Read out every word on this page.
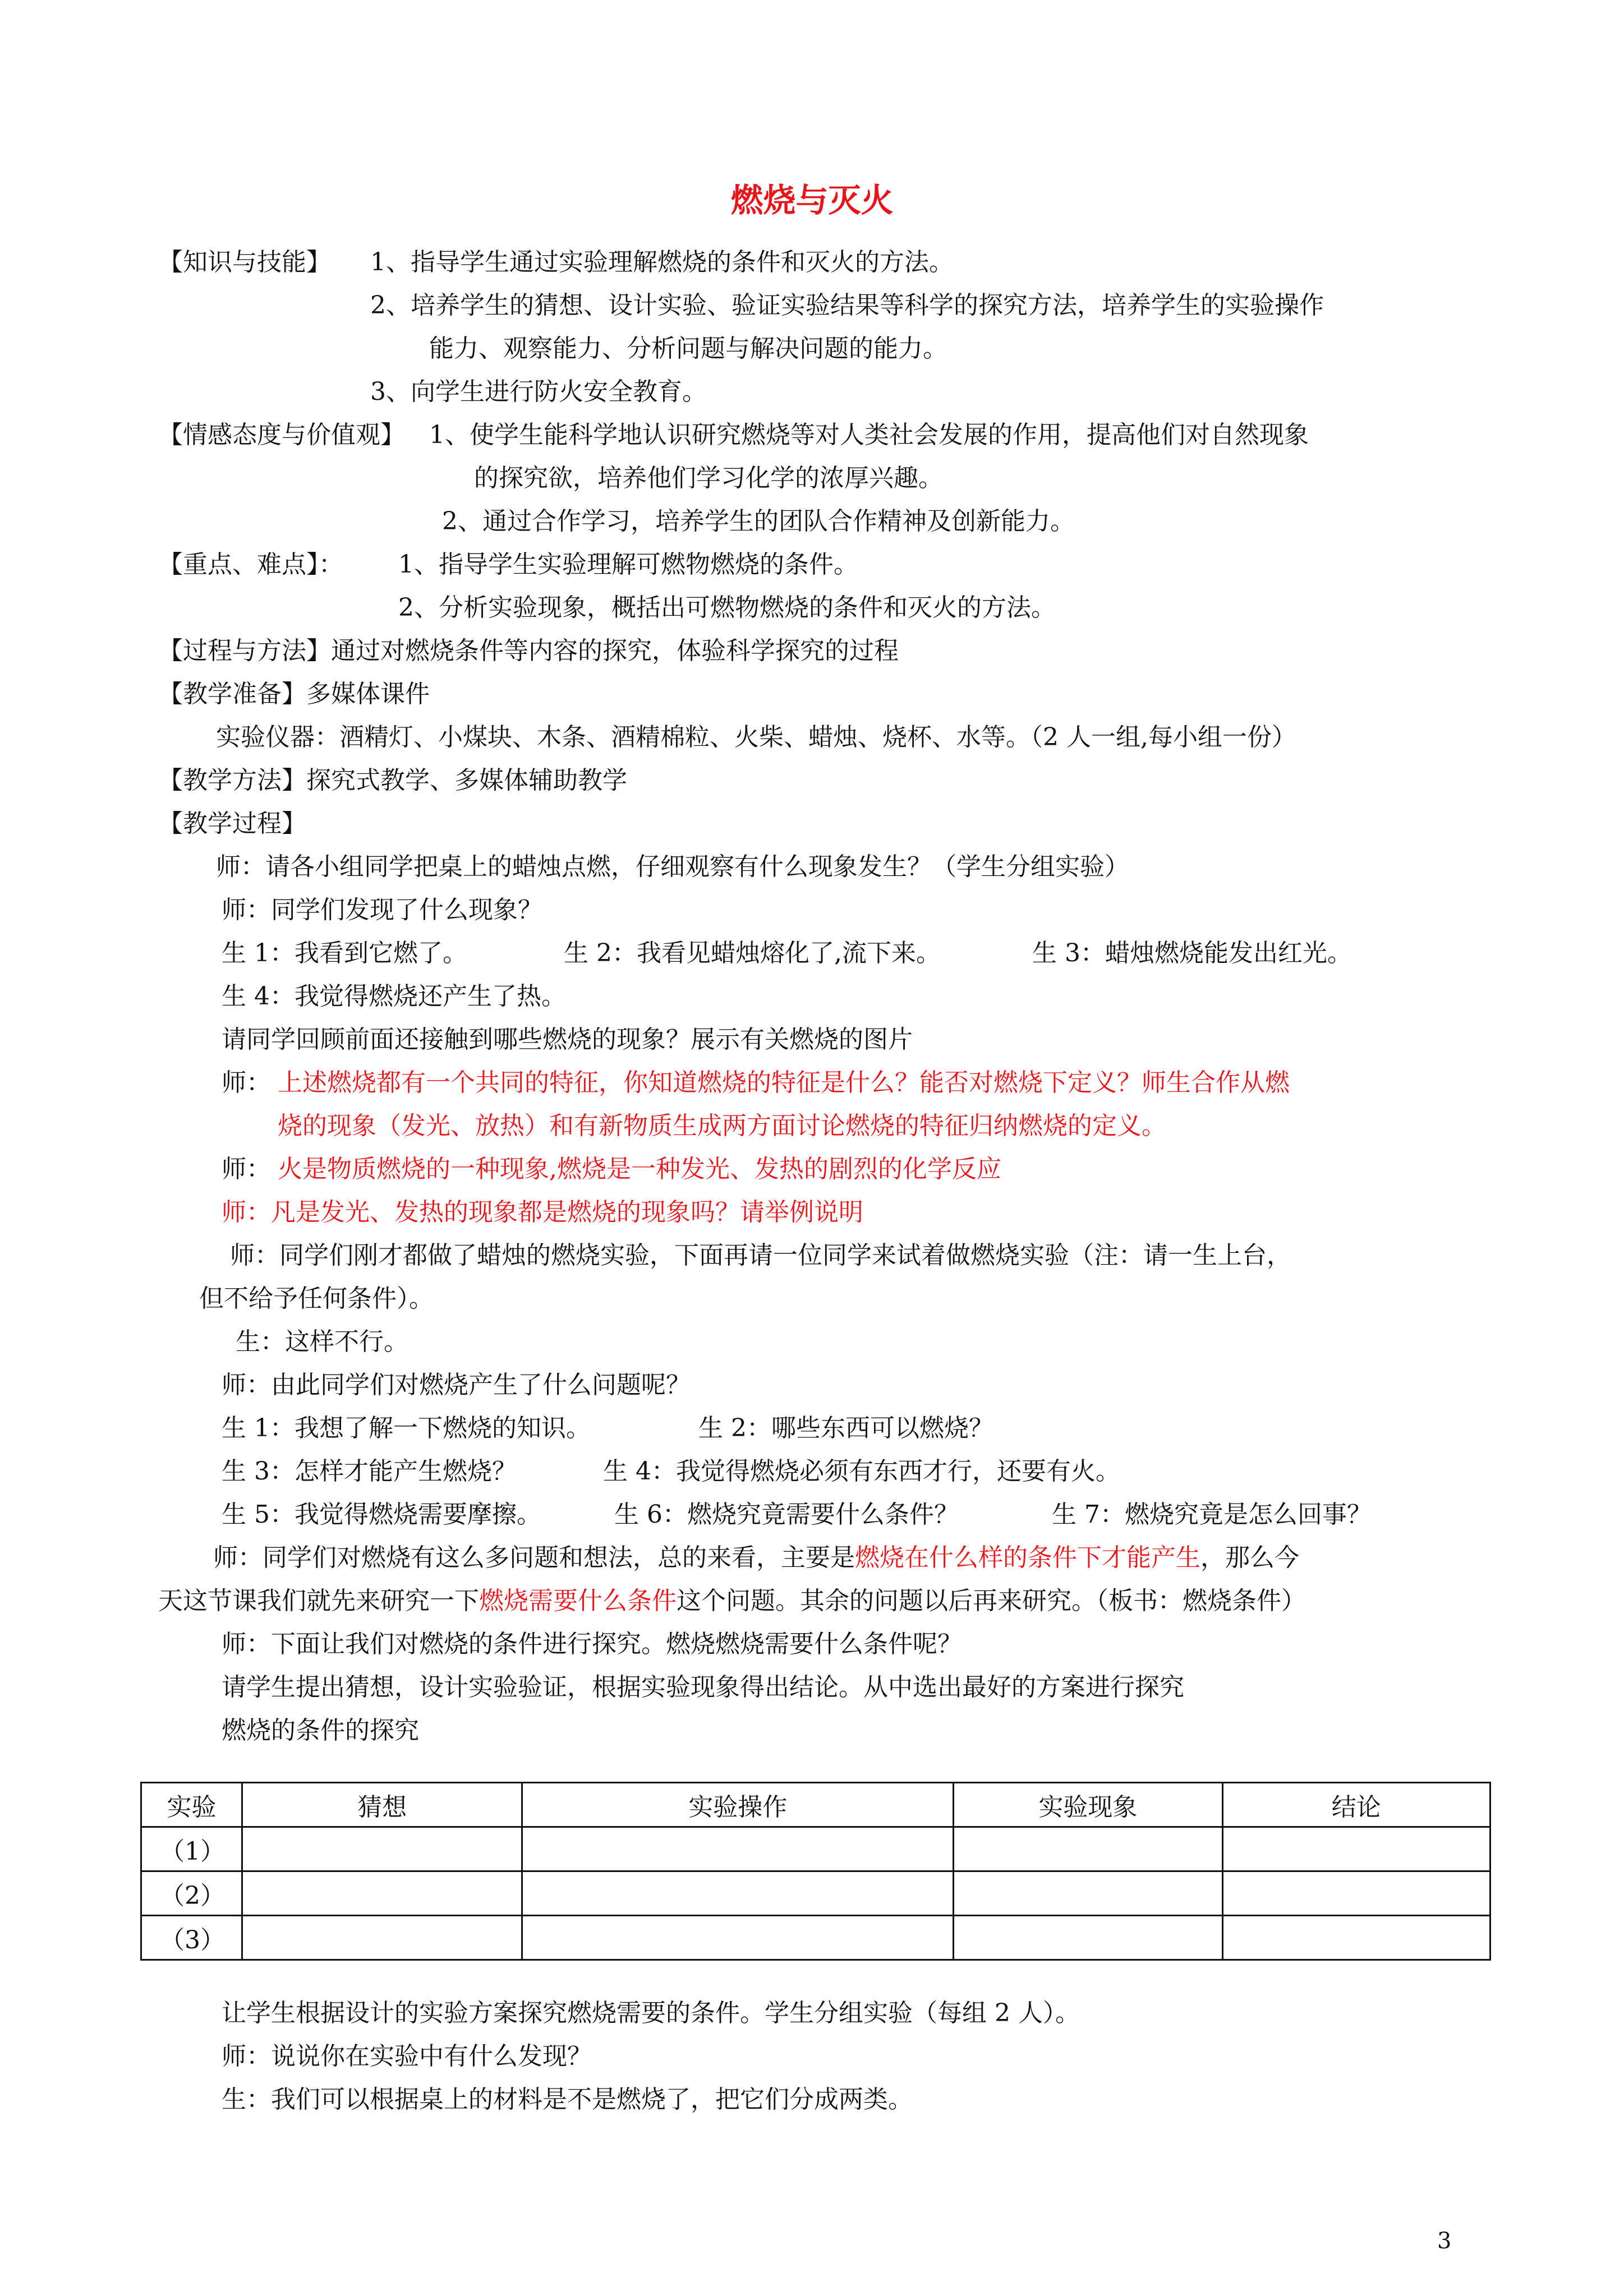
燃烧与灭火
【知识与技能】 1、指导学生通过实验理解燃烧的条件和灭火的方法。
2、培养学生的猜想、设计实验、验证实验结果等科学的探究方法，培养学生的实验操作
能力、观察能力、分析问题与解决问题的能力。
3、向学生进行防火安全教育。
【情感态度与价值观】 1、使学生能科学地认识研究燃烧等对人类社会发展的作用，提高他们对自然现象
的探究欲，培养他们学习化学的浓厚兴趣。
2、通过合作学习，培养学生的团队合作精神及创新能力。
【重点、难点】： 1、指导学生实验理解可燃物燃烧的条件。
2、分析实验现象，概括出可燃物燃烧的条件和灭火的方法。
【过程与方法】通过对燃烧条件等内容的探究，体验科学探究的过程
【教学准备】多媒体课件
实验仪器：酒精灯、小煤块、木条、酒精棉粒、火柴、蜡烛、烧杯、水等。（2 人一组,每小组一份）
【教学方法】探究式教学、多媒体辅助教学
【教学过程】
师：请各小组同学把桌上的蜡烛点燃，仔细观察有什么现象发生？（学生分组实验）
师：同学们发现了什么现象？
生 1：我看到它燃了。	生 2：我看见蜡烛熔化了,流下来。	生 3：蜡烛燃烧能发出红光。
生 4：我觉得燃烧还产生了热。
请同学回顾前面还接触到哪些燃烧的现象？展示有关燃烧的图片
师： 上述燃烧都有一个共同的特征，你知道燃烧的特征是什么？能否对燃烧下定义？师生合作从燃
烧的现象（发光、放热）和有新物质生成两方面讨论燃烧的特征归纳燃烧的定义。
师： 火是物质燃烧的一种现象,燃烧是一种发光、发热的剧烈的化学反应
师：凡是发光、发热的现象都是燃烧的现象吗？请举例说明
师：同学们刚才都做了蜡烛的燃烧实验，下面再请一位同学来试着做燃烧实验（注：请一生上台，
但不给予任何条件）。
生：这样不行。
师：由此同学们对燃烧产生了什么问题呢？
生 1：我想了解一下燃烧的知识。	生 2：哪些东西可以燃烧？
生 3：怎样才能产生燃烧？	生 4：我觉得燃烧必须有东西才行，还要有火。
生 5：我觉得燃烧需要摩擦。	生 6：燃烧究竟需要什么条件？	生 7：燃烧究竟是怎么回事？
师：同学们对燃烧有这么多问题和想法，总的来看，主要是燃烧在什么样的条件下才能产生，那么今
天这节课我们就先来研究一下燃烧需要什么条件这个问题。其余的问题以后再来研究。（板书：燃烧条件）
师：下面让我们对燃烧的条件进行探究。燃烧燃烧需要什么条件呢？
请学生提出猜想，设计实验验证，根据实验现象得出结论。从中选出最好的方案进行探究
燃烧的条件的探究
实验	猜想	实验操作	实验现象	结论
（1）				
（2）				
（3）				
让学生根据设计的实验方案探究燃烧需要的条件。学生分组实验（每组 2 人）。
师：说说你在实验中有什么发现？
生：我们可以根据桌上的材料是不是燃烧了，把它们分成两类。
3
